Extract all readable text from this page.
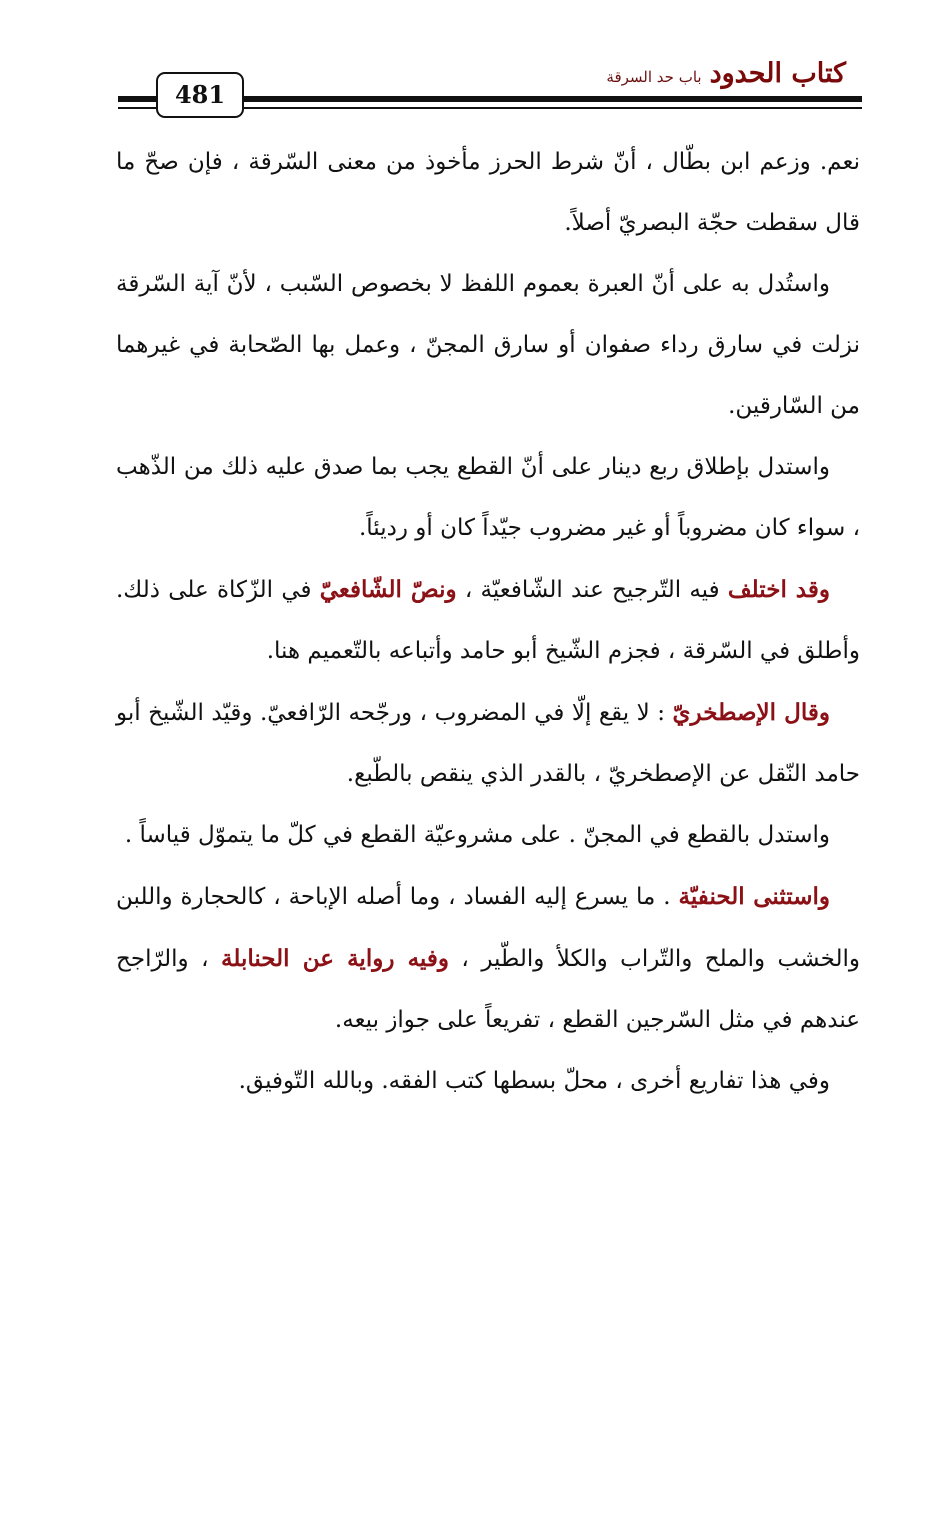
كتاب الحدودباب حد السرقة
481

نعم. وزعم ابن بطّال ، أنّ شرط الحرز مأخوذ من معنى السّرقة ، فإن صحّ ما قال سقطت حجّة البصريّ أصلاً.

واستُدل به على أنّ العبرة بعموم اللفظ لا بخصوص السّبب ، لأنّ آية السّرقة نزلت في سارق رداء صفوان أو سارق المجنّ ، وعمل بها الصّحابة في غيرهما من السّارقين.

واستدل بإطلاق ربع دينار على أنّ القطع يجب بما صدق عليه ذلك من الذّهب ، سواء كان مضروباً أو غير مضروب جيّداً كان أو رديئاً.

وقد اختلف فيه التّرجيح عند الشّافعيّة ، ونصّ الشّافعيّ في الزّكاة على ذلك. وأطلق في السّرقة ، فجزم الشّيخ أبو حامد وأتباعه بالتّعميم هنا.

وقال الإصطخريّ : لا يقع إلّا في المضروب ، ورجّحه الرّافعيّ. وقيّد الشّيخ أبو حامد النّقل عن الإصطخريّ ، بالقدر الذي ينقص بالطّبع.

واستدل بالقطع في المجنّ . على مشروعيّة القطع في كلّ ما يتموّل قياساً .

واستثنى الحنفيّة . ما يسرع إليه الفساد ، وما أصله الإباحة ، كالحجارة واللبن والخشب والملح والتّراب والكلأ والطّير ، وفيه رواية عن الحنابلة ، والرّاجح عندهم في مثل السّرجين القطع ، تفريعاً على جواز بيعه.

وفي هذا تفاريع أخرى ، محلّ بسطها كتب الفقه. وبالله التّوفيق.
